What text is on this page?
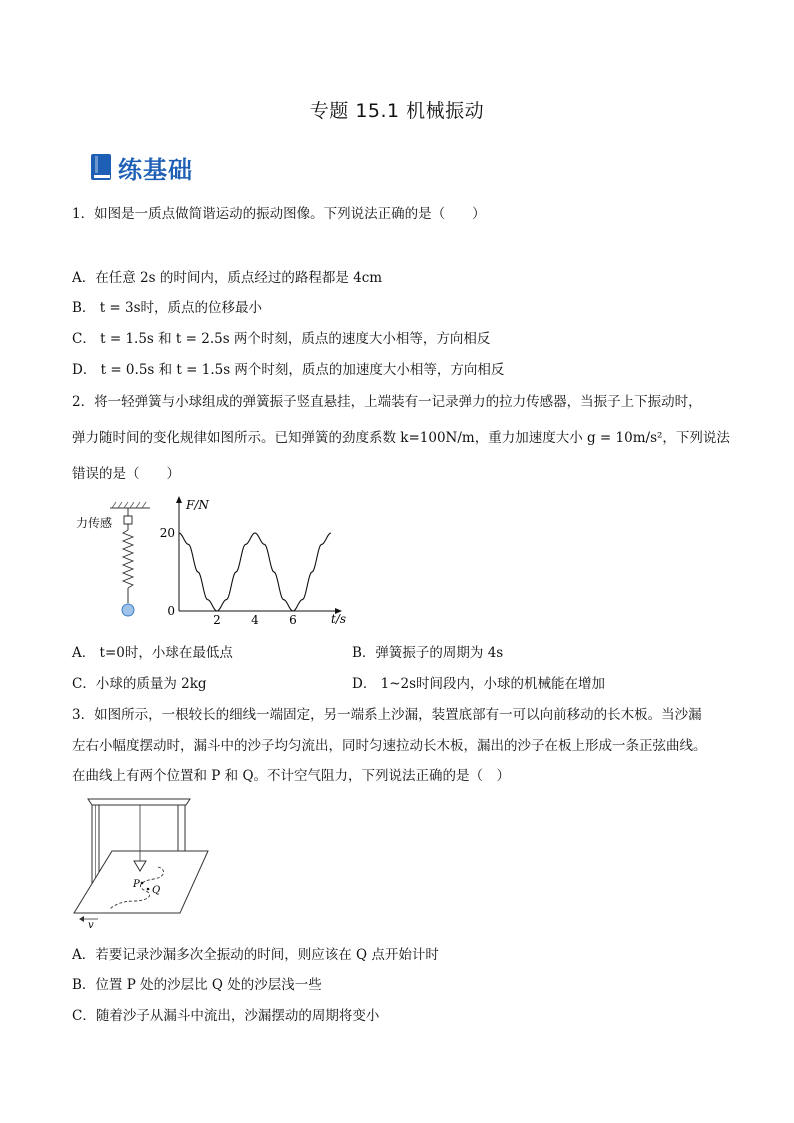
专题 15.1 机械振动
练基础
1．如图是一质点做简谐运动的振动图像。下列说法正确的是（　　）
A．在任意 2s 的时间内，质点经过的路程都是 4cm
B． t = 3s时，质点的位移最小
C． t = 1.5s 和 t = 2.5s 两个时刻，质点的速度大小相等，方向相反
D． t = 0.5s 和 t = 1.5s 两个时刻，质点的加速度大小相等，方向相反
2．将一轻弹簧与小球组成的弹簧振子竖直悬挂，上端装有一记录弹力的拉力传感器，当振子上下振动时，
弹力随时间的变化规律如图所示。已知弹簧的劲度系数 k=100N/m，重力加速度大小 g = 10m/s²，下列说法
错误的是（　　）
力传感
F/N
t/s
2	4	6
20
0
A． t=0时，小球在最低点	B．弹簧振子的周期为 4s
C．小球的质量为 2kg	D． 1~2s时间段内，小球的机械能在增加
3．如图所示，一根较长的细线一端固定，另一端系上沙漏，装置底部有一可以向前移动的长木板。当沙漏
左右小幅度摆动时，漏斗中的沙子均匀流出，同时匀速拉动长木板，漏出的沙子在板上形成一条正弦曲线。
在曲线上有两个位置和 P 和 Q。不计空气阻力，下列说法正确的是（　）
P
Q
v
A．若要记录沙漏多次全振动的时间，则应该在 Q 点开始计时
B．位置 P 处的沙层比 Q 处的沙层浅一些
C．随着沙子从漏斗中流出，沙漏摆动的周期将变小
